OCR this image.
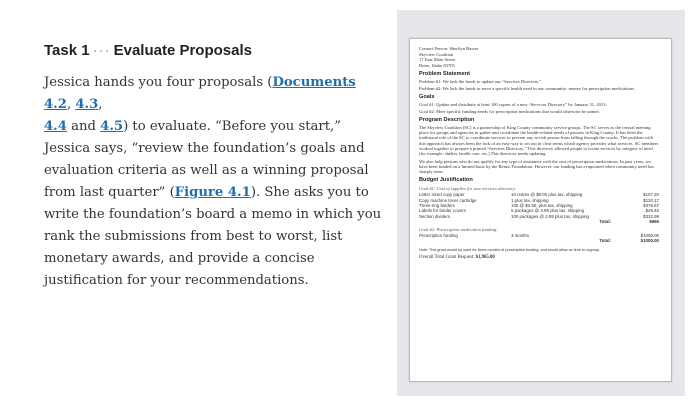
Task 1 ··· Evaluate Proposals
Jessica hands you four proposals (Documents 4.2, 4.3,
4.4 and 4.5) to evaluate. “Before you start,” Jessica says, “review the foundation’s goals and evaluation criteria as well as a winning proposal from last quarter” (Figure 4.1). She asks you to write the foundation’s board a memo in which you rank the submissions from best to worst, list monetary awards, and provide a concise justification for your recommendations.
Contact Person: Sherilyn Baxter
Skyview Coalition
17 East Main Street
Boise, Idaho 83705
Problem Statement

Problem #1: We lack the funds to update our “Services Directory.”

Problem #2: We lack the funds to serve a specific health need in our community: money for prescription medications.

Goals

Goal #1: Update and distribute at least 100 copies of a new “Services Directory” by January 31, 2013.

Goal #2: Meet specific funding needs for prescription medications that would otherwise be unmet.

Program Description

The Skyview Coalition (SC) is a partnership of King County community service groups. The SC serves as the central meeting place for groups and agencies to gather and coordinate the health-related needs of persons in King County. It has been the traditional role of the SC to coordinate services to prevent any at-risk person from falling through the cracks. The problem with this approach has always been the lack of an easy way to set out in clear terms which agency provides what services. SC members worked together to prepare a printed “Services Directory.” This directory allowed people to locate services by category of need (for example, shelter, health care, etc.) This directory needs updating.

We also help persons who do not qualify for any type of assistance with the cost of prescription medications. In past years, we have been funded on a limited basis by the Renzo Foundation. However, our funding has evaporated when community need has sharply risen.

Budget Justification
Goal #1: Cost of supplies for new services directory:
Letter sized copy paper	10 reams @ $9.00 plus tax, shipping	$107.20
Copy machine toner cartridge	1 plus tax, shipping	$120.17
Three-ring binders	100 @ $3.50, plus tax, shipping	$378.67
Labels for binder covers	5 packages @ 3.99 plus tax, shipping	$25.45
Section dividers	100 packages @ 2.99 plus tax, shipping	$332.99
	Total:	$965
Goal #2: Prescription medication funding:
Prescription funding	3 months	$1000.00
	Total:	$1000.00
Note: This grant would by used for three months of prescription funding, and would allow us time to regroup.
Overall Total Grant Request: $1,965.00
